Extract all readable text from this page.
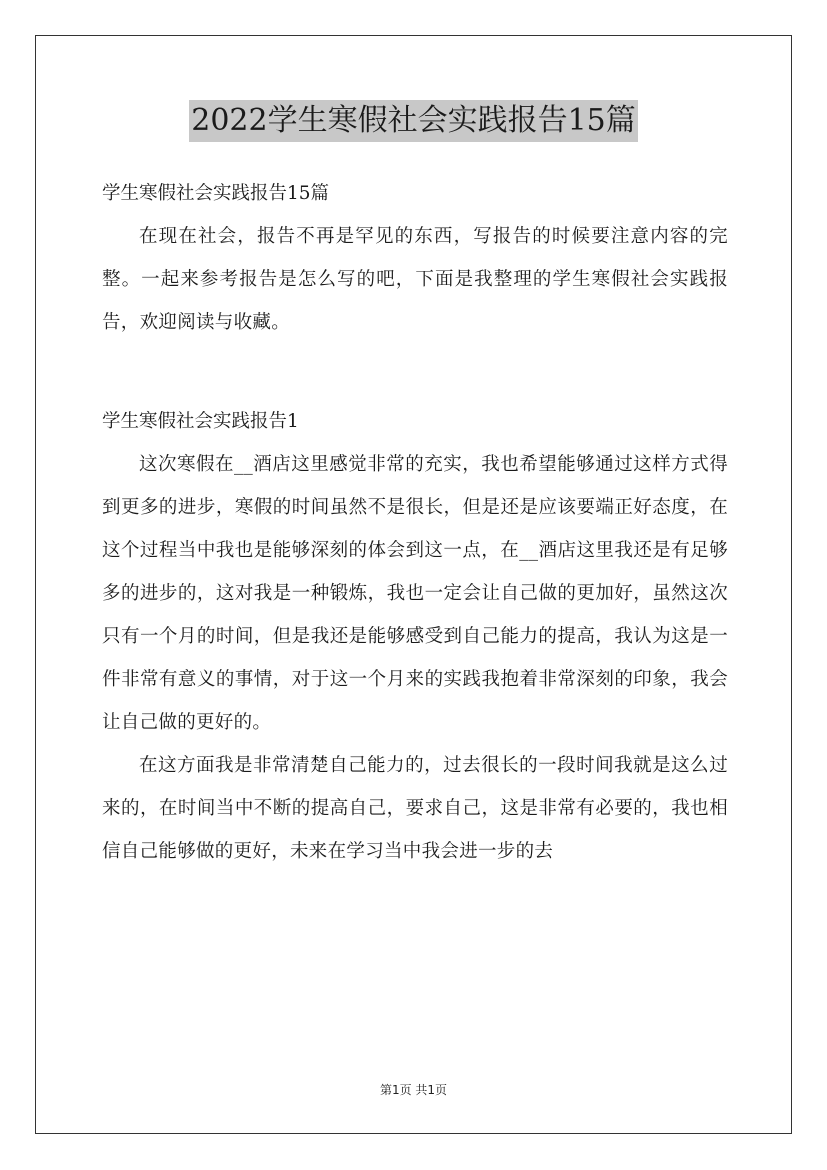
2022学生寒假社会实践报告15篇

学生寒假社会实践报告15篇

在现在社会，报告不再是罕见的东西，写报告的时候要注意内容的完整。一起来参考报告是怎么写的吧，下面是我整理的学生寒假社会实践报告，欢迎阅读与收藏。

学生寒假社会实践报告1

这次寒假在__酒店这里感觉非常的充实，我也希望能够通过这样方式得到更多的进步，寒假的时间虽然不是很长，但是还是应该要端正好态度，在这个过程当中我也是能够深刻的体会到这一点，在__酒店这里我还是有足够多的进步的，这对我是一种锻炼，我也一定会让自己做的更加好，虽然这次只有一个月的时间，但是我还是能够感受到自己能力的提高，我认为这是一件非常有意义的事情，对于这一个月来的实践我抱着非常深刻的印象，我会让自己做的更好的。

在这方面我是非常清楚自己能力的，过去很长的一段时间我就是这么过来的，在时间当中不断的提高自己，要求自己，这是非常有必要的，我也相信自己能够做的更好，未来在学习当中我会进一步的去

第1页 共1页
